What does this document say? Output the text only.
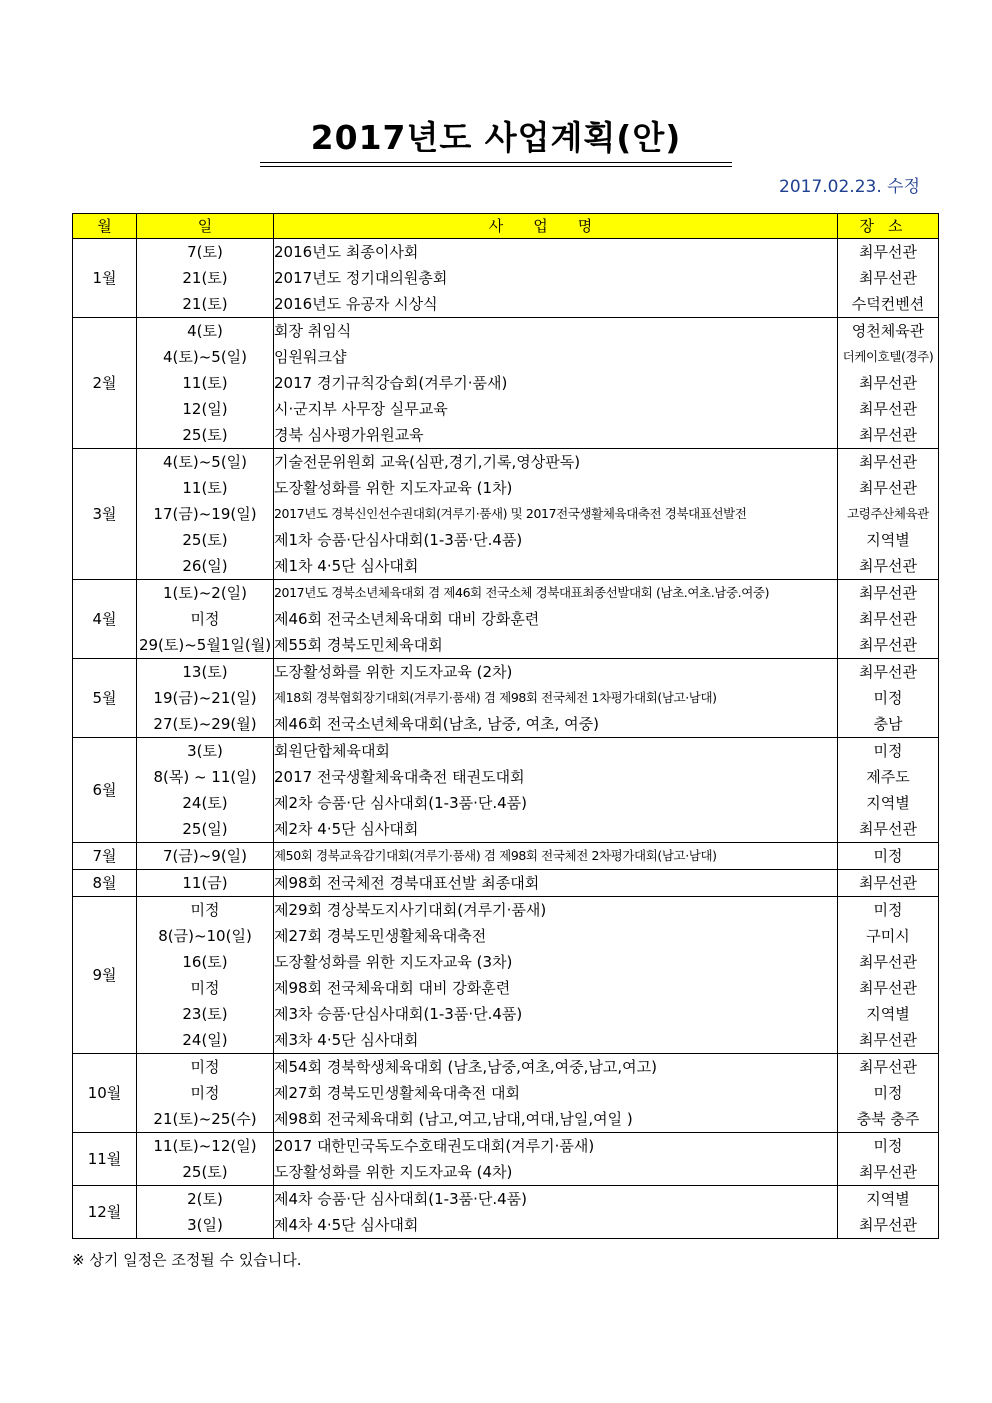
2017년도 사업계획(안)
2017.02.23. 수정
월	일	사업명	장소
1월	7(토)	2016년도 최종이사회	최무선관
	21(토)	2017년도 정기대의원총회	최무선관
	21(토)	2016년도 유공자 시상식	수덕컨벤션
2월	4(토)	회장 취임식	영천체육관
	4(토)~5(일)	임원워크샵	더케이호텔(경주)
	11(토)	2017 경기규칙강습회(겨루기·품새)	최무선관
	12(일)	시·군지부 사무장 실무교육	최무선관
	25(토)	경북 심사평가위원교육	최무선관
3월	4(토)~5(일)	기술전문위원회 교육(심판,경기,기록,영상판독)	최무선관
	11(토)	도장활성화를 위한 지도자교육 (1차)	최무선관
	17(금)~19(일)	2017년도 경북신인선수권대회(겨루기·품새) 및 2017전국생활체육대축전 경북대표선발전	고령주산체육관
	25(토)	제1차 승품·단심사대회(1-3품·단.4품)	지역별
	26(일)	제1차 4·5단 심사대회	최무선관
4월	1(토)~2(일)	2017년도 경북소년체육대회 겸 제46회 전국소체 경북대표최종선발대회 (남초.여초.남중.여중)	최무선관
	미정	제46회 전국소년체육대회 대비 강화훈련	최무선관
	29(토)~5월1일(월)	제55회 경북도민체육대회	최무선관
5월	13(토)	도장활성화를 위한 지도자교육 (2차)	최무선관
	19(금)~21(일)	제18회 경북협회장기대회(겨루기·품새) 겸 제98회 전국체전 1차평가대회(남고·남대)	미정
	27(토)~29(월)	제46회 전국소년체육대회(남초, 남중, 여초, 여중)	충남
6월	3(토)	회원단합체육대회	미정
	8(목) ~ 11(일)	2017 전국생활체육대축전 태권도대회	제주도
	24(토)	제2차 승품·단 심사대회(1-3품·단.4품)	지역별
	25(일)	제2차 4·5단 심사대회	최무선관
7월	7(금)~9(일)	제50회 경북교육감기대회(겨루기·품새) 겸 제98회 전국체전 2차평가대회(남고·남대)	미정
8월	11(금)	제98회 전국체전 경북대표선발 최종대회	최무선관
9월	미정	제29회 경상북도지사기대회(겨루기·품새)	미정
	8(금)~10(일)	제27회 경북도민생활체육대축전	구미시
	16(토)	도장활성화를 위한 지도자교육 (3차)	최무선관
	미정	제98회 전국체육대회 대비 강화훈련	최무선관
	23(토)	제3차 승품·단심사대회(1-3품·단.4품)	지역별
	24(일)	제3차 4·5단 심사대회	최무선관
10월	미정	제54회 경북학생체육대회 (남초,남중,여초,여중,남고,여고)	최무선관
	미정	제27회 경북도민생활체육대축전 대회	미정
	21(토)~25(수)	제98회 전국체육대회 (남고,여고,남대,여대,남일,여일 )	충북 충주
11월	11(토)~12(일)	2017 대한민국독도수호태권도대회(겨루기·품새)	미정
	25(토)	도장활성화를 위한 지도자교육 (4차)	최무선관
12월	2(토)	제4차 승품·단 심사대회(1-3품·단.4품)	지역별
	3(일)	제4차 4·5단 심사대회	최무선관
※ 상기 일정은 조정될 수 있습니다.
